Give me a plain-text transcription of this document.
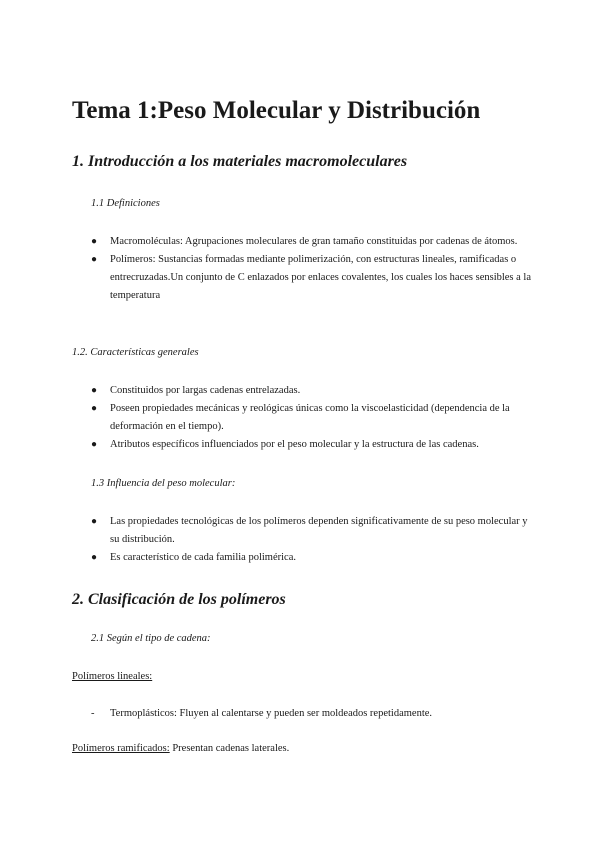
Tema 1:Peso Molecular y Distribución
1. Introducción a los materiales macromoleculares
1.1 Definiciones
● Macromoléculas: Agrupaciones moleculares de gran tamaño constituidas por cadenas de átomos.
● Polímeros: Sustancias formadas mediante polimerización, con estructuras lineales, ramificadas o entrecruzadas.Un conjunto de C enlazados por enlaces covalentes, los cuales los haces sensibles a la temperatura
1.2. Características generales
● Constituidos por largas cadenas entrelazadas.
● Poseen propiedades mecánicas y reológicas únicas como la viscoelasticidad (dependencia de la deformación en el tiempo).
● Atributos específicos influenciados por el peso molecular y la estructura de las cadenas.
1.3 Influencia del peso molecular:
● Las propiedades tecnológicas de los polímeros dependen significativamente de su peso molecular y su distribución.
● Es característico de cada familia polimérica.
2. Clasificación de los polímeros
2.1 Según el tipo de cadena:
Polímeros lineales:
- Termoplásticos: Fluyen al calentarse y pueden ser moldeados repetidamente.
Polímeros ramificados: Presentan cadenas laterales.
